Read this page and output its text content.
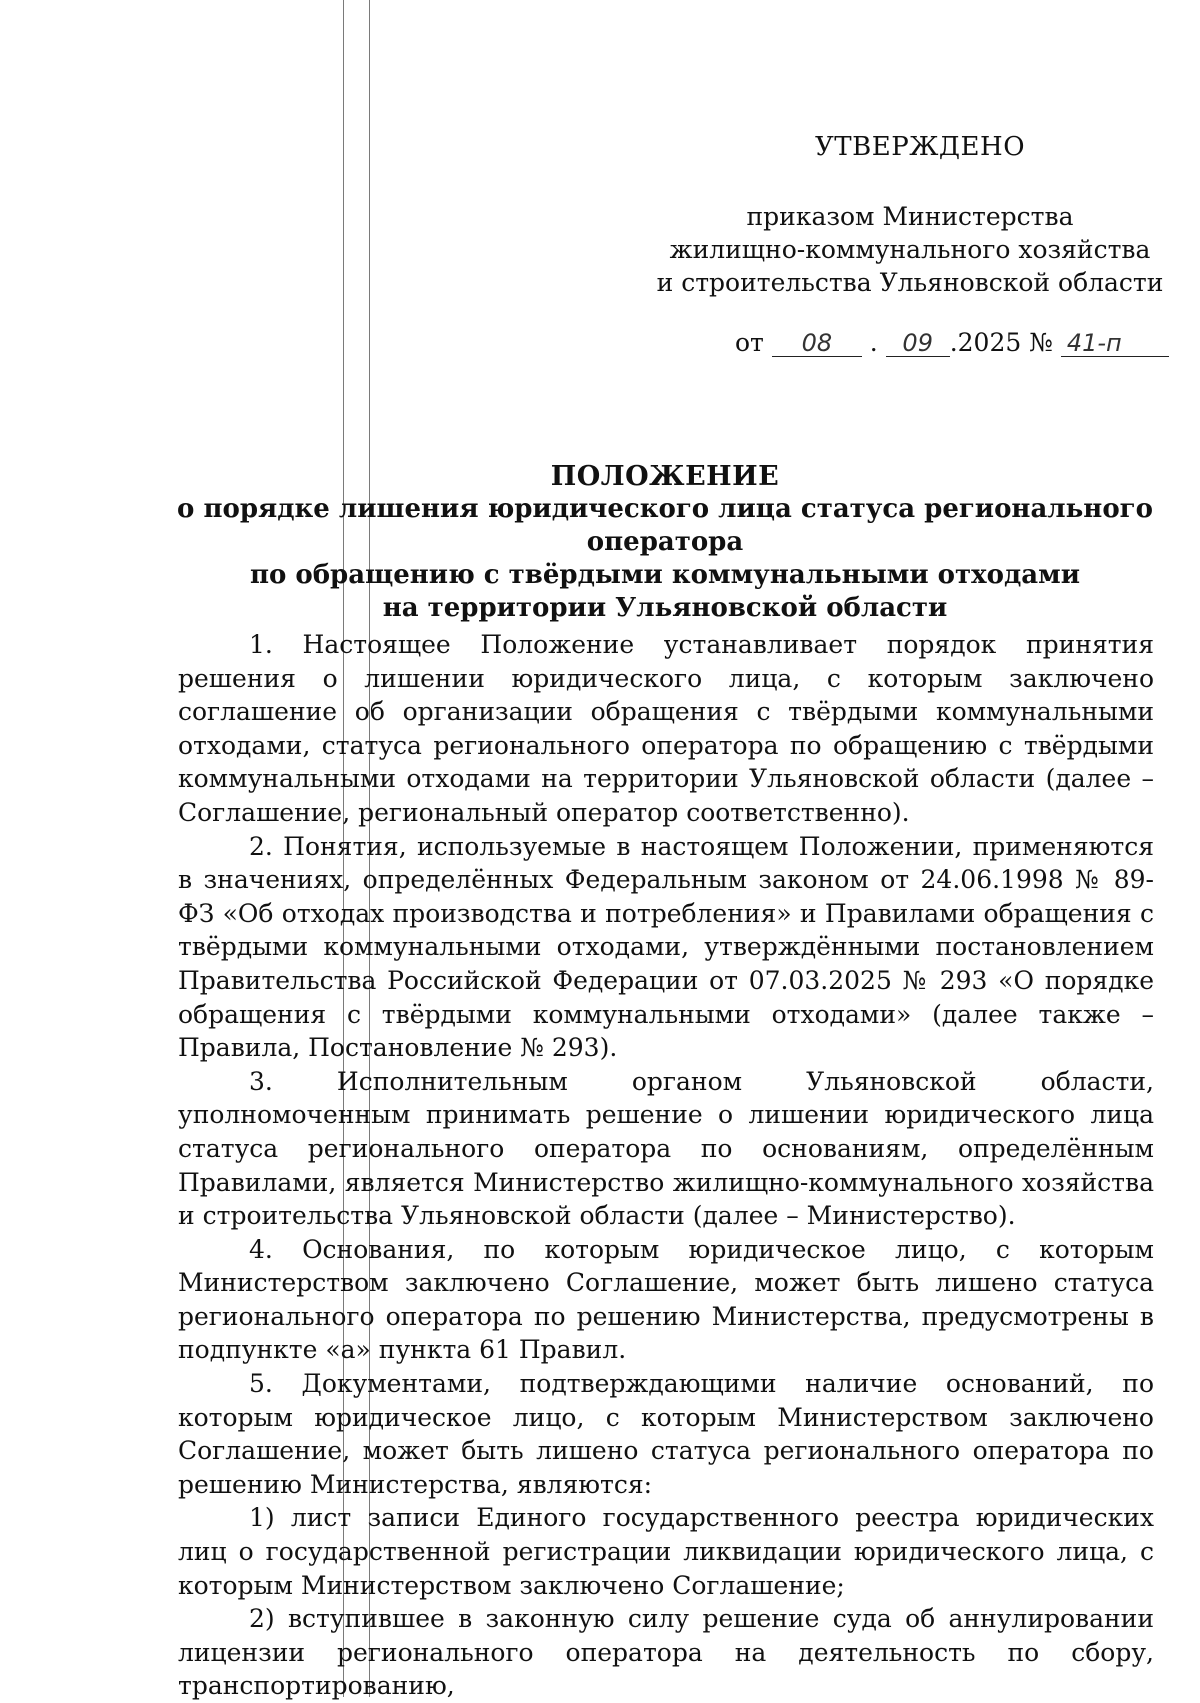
УТВЕРЖДЕНО
приказом Министерства
жилищно-коммунального хозяйства
и строительства Ульяновской области
от 08 . 09 .2025 № 41-п
ПОЛОЖЕНИЕ
о порядке лишения юридического лица статуса регионального оператора
по обращению с твёрдыми коммунальными отходами
на территории Ульяновской области

1. Настоящее Положение устанавливает порядок принятия решения о лишении юридического лица, с которым заключено соглашение об организации обращения с твёрдыми коммунальными отходами, статуса регионального оператора по обращению с твёрдыми коммунальными отходами на территории Ульяновской области (далее – Соглашение, региональный оператор соответственно).

2. Понятия, используемые в настоящем Положении, применяются в значениях, определённых Федеральным законом от 24.06.1998 № 89-ФЗ «Об отходах производства и потребления» и Правилами обращения с твёрдыми коммунальными отходами, утверждёнными постановлением Правительства Российской Федерации от 07.03.2025 № 293 «О порядке обращения с твёрдыми коммунальными отходами» (далее также – Правила, Постановление № 293).

3. Исполнительным органом Ульяновской области, уполномоченным принимать решение о лишении юридического лица статуса регионального оператора по основаниям, определённым Правилами, является Министерство жилищно-коммунального хозяйства и строительства Ульяновской области (далее – Министерство).

4. Основания, по которым юридическое лицо, с которым Министерством заключено Соглашение, может быть лишено статуса регионального оператора по решению Министерства, предусмотрены в подпункте «а» пункта 61 Правил.

5. Документами, подтверждающими наличие оснований, по которым юридическое лицо, с которым Министерством заключено Соглашение, может быть лишено статуса регионального оператора по решению Министерства, являются:

1) лист записи Единого государственного реестра юридических лиц о государственной регистрации ликвидации юридического лица, с которым Министерством заключено Соглашение;

2) вступившее в законную силу решение суда об аннулировании лицензии регионального оператора на деятельность по сбору, транспортированию,
